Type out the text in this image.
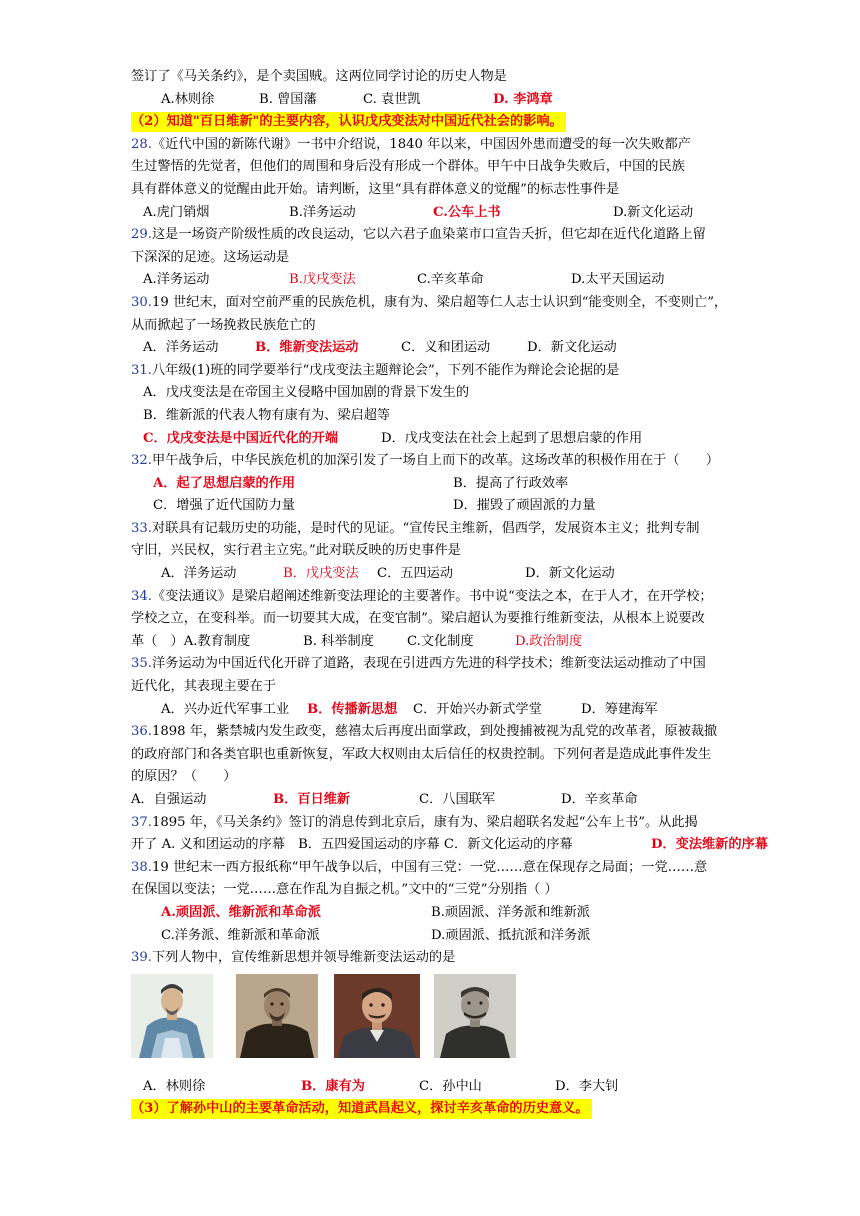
签订了《马关条约》，是个卖国贼。这两位同学讨论的历史人物是
A.林则徐	B. 曾国藩	C. 袁世凯	D. 李鸿章
（2）知道"百日维新"的主要内容，认识戊戌变法对中国近代社会的影响。
28.《近代中国的新陈代谢》一书中介绍说，1840 年以来，中国因外患而遭受的每一次失败都产
生过警悟的先觉者，但他们的周围和身后没有形成一个群体。甲午中日战争失败后，中国的民族
具有群体意义的觉醒由此开始。请判断，这里“具有群体意义的觉醒”的标志性事件是
A.虎门销烟	B.洋务运动	C.公车上书	D.新文化运动
29.这是一场资产阶级性质的改良运动，它以六君子血染菜市口宣告夭折，但它却在近代化道路上留
下深深的足迹。这场运动是
A.洋务运动	B.戊戌变法	C.辛亥革命	D.太平天国运动
30.19 世纪末，面对空前严重的民族危机，康有为、梁启超等仁人志士认识到“能变则全，不变则亡”，
从而掀起了一场挽救民族危亡的
A．洋务运动	B．维新变法运动	C．义和团运动	D．新文化运动
31.八年级(1)班的同学要举行“戊戌变法主题辩论会”，下列不能作为辩论会论据的是
A．戊戌变法是在帝国主义侵略中国加剧的背景下发生的
B．维新派的代表人物有康有为、梁启超等
C．戊戌变法是中国近代化的开端	D．戊戌变法在社会上起到了思想启蒙的作用
32.甲午战争后，中华民族危机的加深引发了一场自上而下的改革。这场改革的积极作用在于（　　）
A．起了思想启蒙的作用	B．提高了行政效率
C．增强了近代国防力量	D．摧毁了顽固派的力量
33.对联具有记载历史的功能，是时代的见证。“宣传民主维新，倡西学，发展资本主义；批判专制
守旧，兴民权，实行君主立宪。”此对联反映的历史事件是
A．洋务运动	B．戊戌变法 C．五四运动	D．新文化运动
34.《变法通议》是梁启超阐述维新变法理论的主要著作。书中说“变法之本，在于人才，在开学校；
学校之立，在变科举。而一切要其大成，在变官制”。梁启超认为要推行维新变法，从根本上说要改
革（　）A.教育制度	B. 科举制度	C.文化制度	D.政治制度
35.洋务运动为中国近代化开辟了道路，表现在引进西方先进的科学技术；维新变法运动推动了中国
近代化，其表现主要在于
A．兴办近代军事工业 B．传播新思想 C．开始兴办新式学堂	D．筹建海军
36.1898 年，紫禁城内发生政变，慈禧太后再度出面掌政，到处搜捕被视为乱党的改革者，原被裁撤
的政府部门和各类官职也重新恢复，军政大权则由太后信任的权贵控制。下列何者是造成此事件发生
的原因？（　　）
A．自强运动	B．百日维新	C．八国联军	D．辛亥革命
37.1895 年，《马关条约》签订的消息传到北京后，康有为、梁启超联名发起“公车上书”。从此揭
开了 A. 义和团运动的序幕　B．五四爱国运动的序幕 C．新文化运动的序幕	D．变法维新的序幕
38.19 世纪末一西方报纸称“甲午战争以后，中国有三党：一党……意在保现存之局面；一党……意
在保国以变法；一党……意在作乱为自振之机。”文中的“三党”分别指（ ）
A.顽固派、维新派和革命派	B.顽固派、洋务派和维新派
C.洋务派、维新派和革命派	D.顽固派、抵抗派和洋务派
39.下列人物中，宣传维新思想并领导维新变法运动的是
A．林则徐	B．康有为	C．孙中山	D．李大钊
（3）了解孙中山的主要革命活动，知道武昌起义，探讨辛亥革命的历史意义。
